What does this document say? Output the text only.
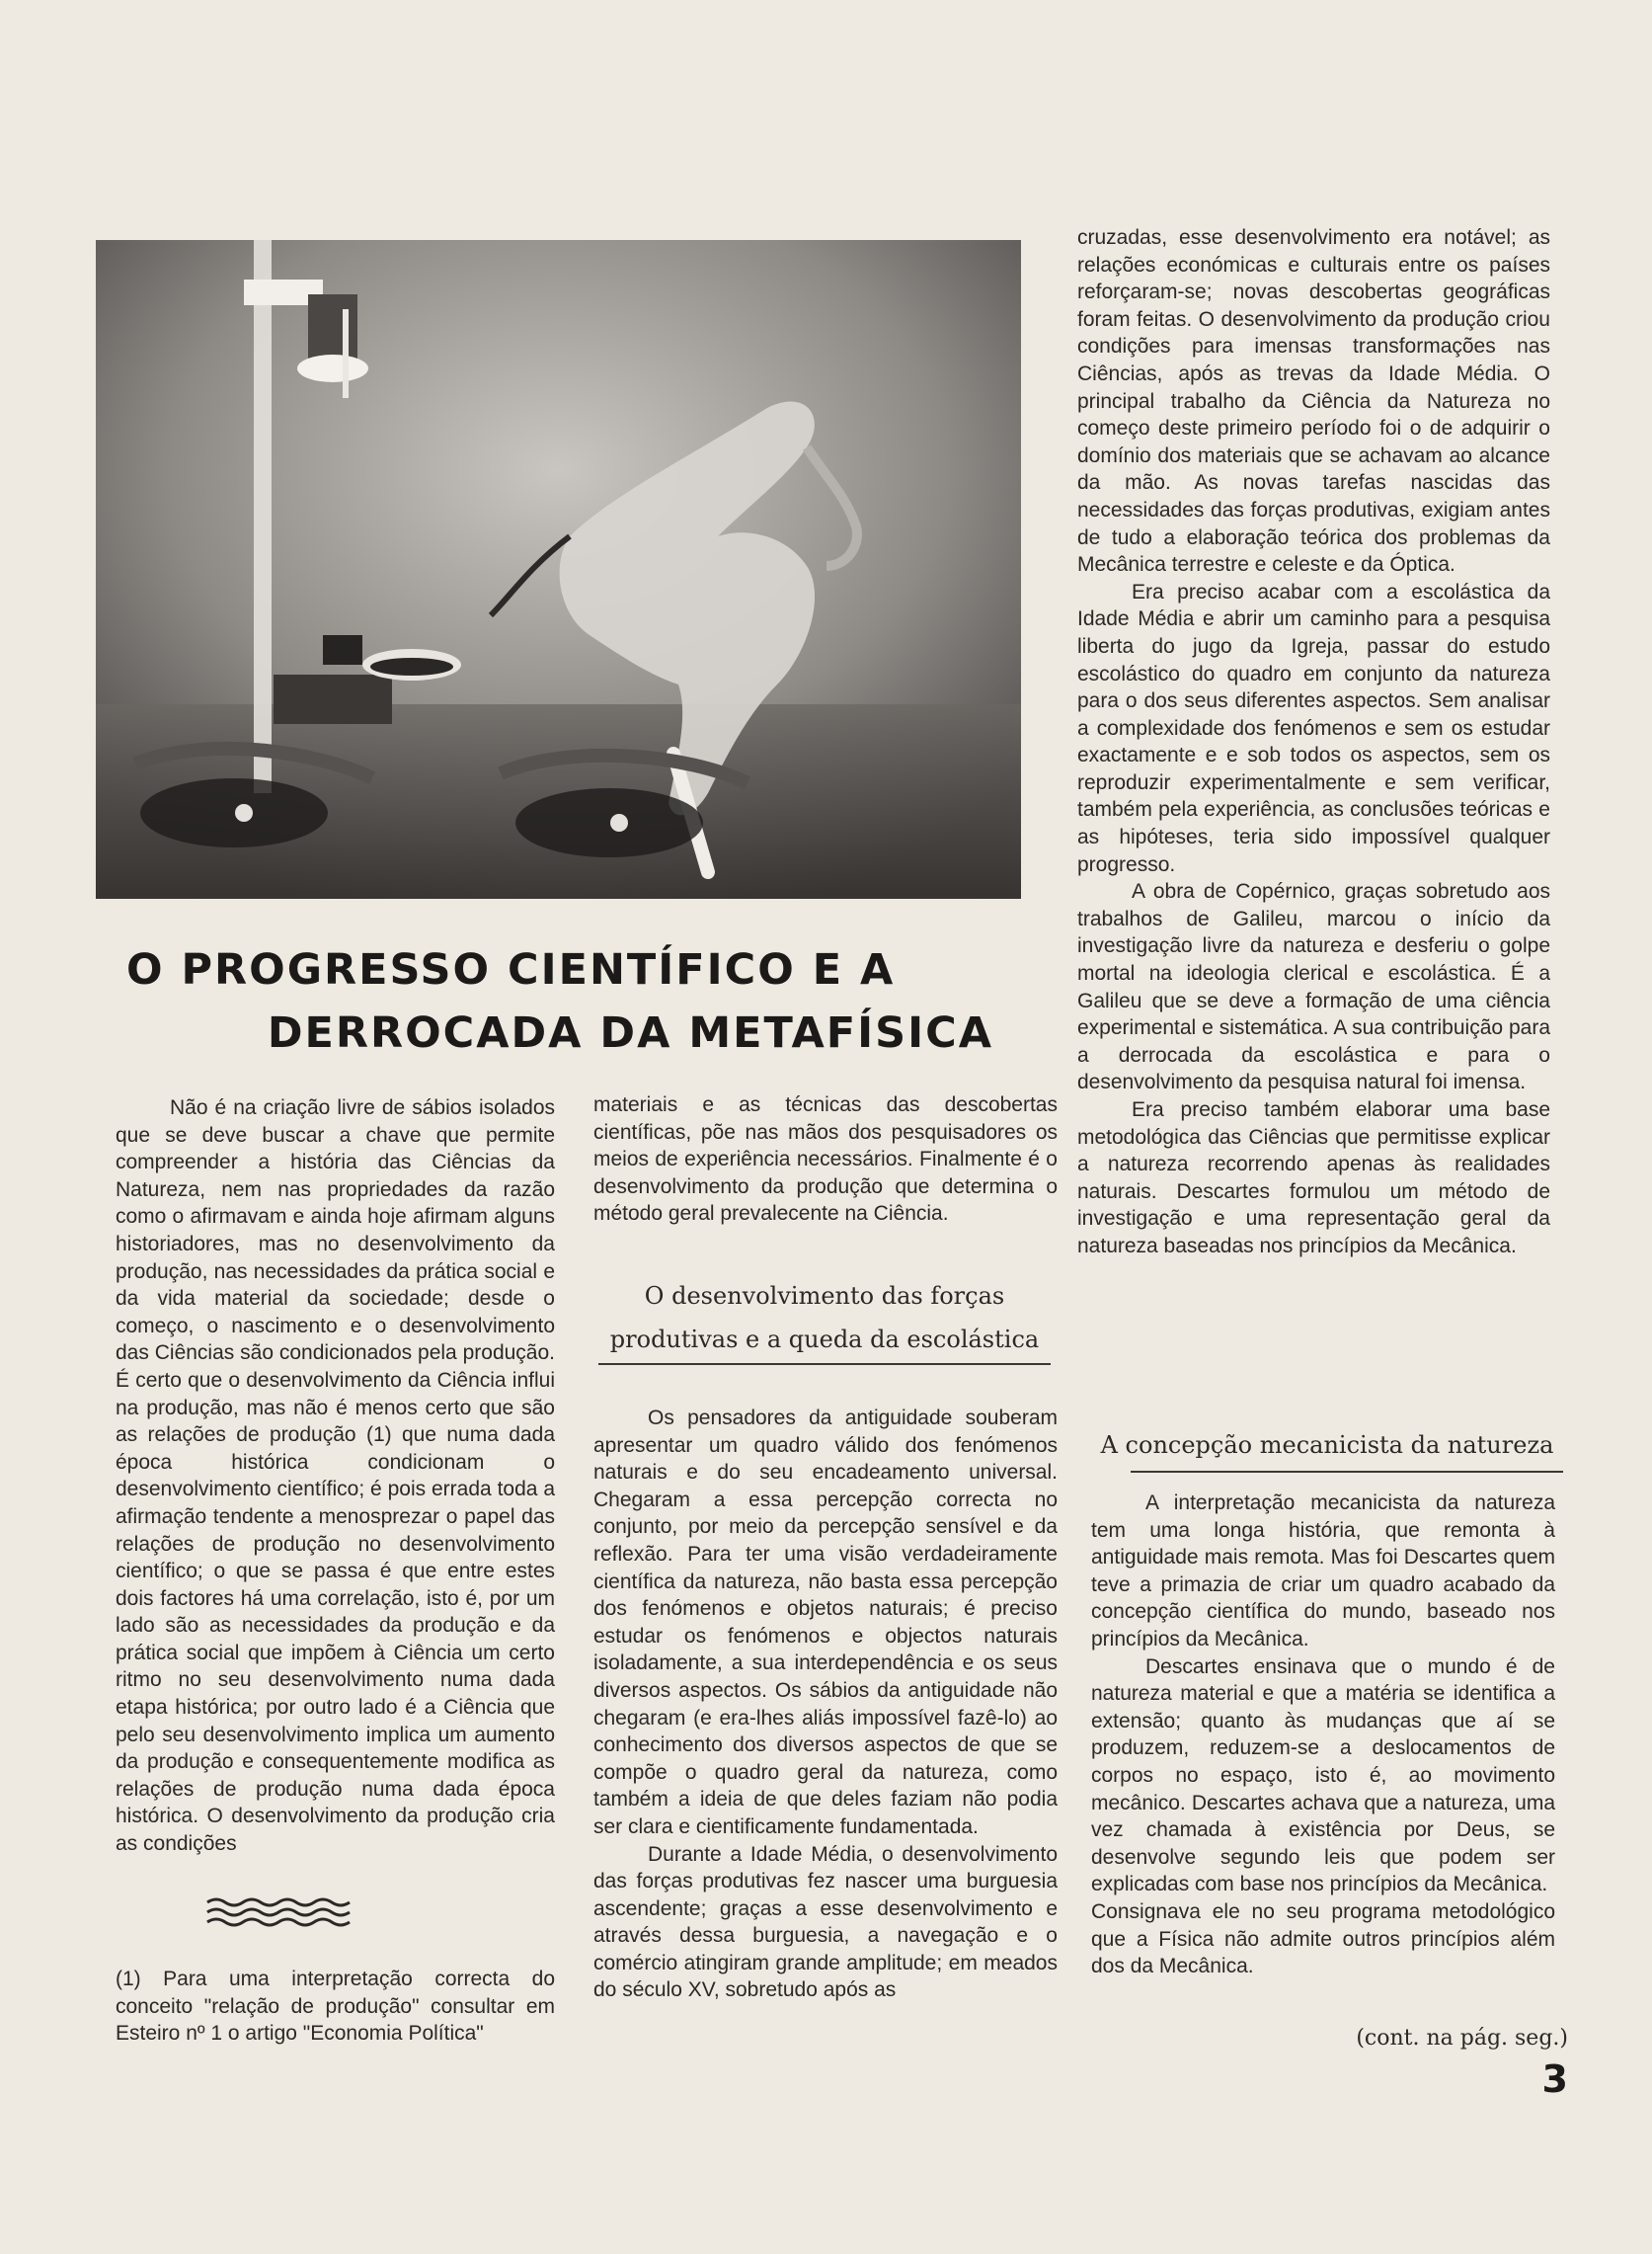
O PROGRESSO CIENTÍFICO E A
DERROCADA DA METAFÍSICA

Não é na criação livre de sábios isolados que se deve buscar a chave que permite compreender a história das Ciências da Natureza, nem nas propriedades da razão como o afirmavam e ainda hoje afirmam alguns historiadores, mas no desenvolvimento da produção, nas necessidades da prática social e da vida material da sociedade; desde o começo, o nascimento e o desenvolvimento das Ciências são condicionados pela produção. É certo que o desenvolvimento da Ciência influi na produção, mas não é menos certo que são as relações de produção (1) que numa dada época histórica condicionam o desenvolvimento científico; é pois errada toda a afirmação tendente a menosprezar o papel das relações de produção no desenvolvimento científico; o que se passa é que entre estes dois factores há uma correlação, isto é, por um lado são as necessidades da produção e da prática social que impõem à Ciência um certo ritmo no seu desenvolvimento numa dada etapa histórica; por outro lado é a Ciência que pelo seu desenvolvimento implica um aumento da produção e consequentemente modifica as relações de produção numa dada época histórica. O desenvolvimento da produção cria as condições

materiais e as técnicas das descobertas científicas, põe nas mãos dos pesquisadores os meios de experiência necessários. Finalmente é o desenvolvimento da produção que determina o método geral prevalecente na Ciência.

O desenvolvimento das forças
produtivas e a queda da escolástica

Os pensadores da antiguidade souberam apresentar um quadro válido dos fenómenos naturais e do seu encadeamento universal. Chegaram a essa percepção correcta no conjunto, por meio da percepção sensível e da reflexão. Para ter uma visão verdadeiramente científica da natureza, não basta essa percepção dos fenómenos e objetos naturais; é preciso estudar os fenómenos e objectos naturais isoladamente, a sua interdependência e os seus diversos aspectos. Os sábios da antiguidade não chegaram (e era-lhes aliás impossível fazê-lo) ao conhecimento dos diversos aspectos de que se compõe o quadro geral da natureza, como também a ideia de que deles faziam não podia ser clara e cientificamente fundamentada.

Durante a Idade Média, o desenvolvimento das forças produtivas fez nascer uma burguesia ascendente; graças a esse desenvolvimento e através dessa burguesia, a navegação e o comércio atingiram grande amplitude; em meados do século XV, sobretudo após as

cruzadas, esse desenvolvimento era notável; as relações económicas e culturais entre os países reforçaram-se; novas descobertas geográficas foram feitas. O desenvolvimento da produção criou condições para imensas transformações nas Ciências, após as trevas da Idade Média. O principal trabalho da Ciência da Natureza no começo deste primeiro período foi o de adquirir o domínio dos materiais que se achavam ao alcance da mão. As novas tarefas nascidas das necessidades das forças produtivas, exigiam antes de tudo a elaboração teórica dos problemas da Mecânica terrestre e celeste e da Óptica.

Era preciso acabar com a escolástica da Idade Média e abrir um caminho para a pesquisa liberta do jugo da Igreja, passar do estudo escolástico do quadro em conjunto da natureza para o dos seus diferentes aspectos. Sem analisar a complexidade dos fenómenos e sem os estudar exactamente e e sob todos os aspectos, sem os reproduzir experimentalmente e sem verificar, também pela experiência, as conclusões teóricas e as hipóteses, teria sido impossível qualquer progresso.

A obra de Copérnico, graças sobretudo aos trabalhos de Galileu, marcou o início da investigação livre da natureza e desferiu o golpe mortal na ideologia clerical e escolástica. É a Galileu que se deve a formação de uma ciência experimental e sistemática. A sua contribuição para a derrocada da escolástica e para o desenvolvimento da pesquisa natural foi imensa.

Era preciso também elaborar uma base metodológica das Ciências que permitisse explicar a natureza recorrendo apenas às realidades naturais. Descartes formulou um método de investigação e uma representação geral da natureza baseadas nos princípios da Mecânica.

A concepção mecanicista da natureza

A interpretação mecanicista da natureza tem uma longa história, que remonta à antiguidade mais remota. Mas foi Descartes quem teve a primazia de criar um quadro acabado da concepção científica do mundo, baseado nos princípios da Mecânica.

Descartes ensinava que o mundo é de natureza material e que a matéria se identifica a extensão; quanto às mudanças que aí se produzem, reduzem-se a deslocamentos de corpos no espaço, isto é, ao movimento mecânico. Descartes achava que a natureza, uma vez chamada à existência por Deus, se desenvolve segundo leis que podem ser explicadas com base nos princípios da Mecânica.

Consignava ele no seu programa metodológico que a Física não admite outros princípios além dos da Mecânica.

(1) Para uma interpretação correcta do conceito "relação de produção" consultar em Esteiro nº 1 o artigo "Economia Política"	(cont. na pág. seg.)
3
